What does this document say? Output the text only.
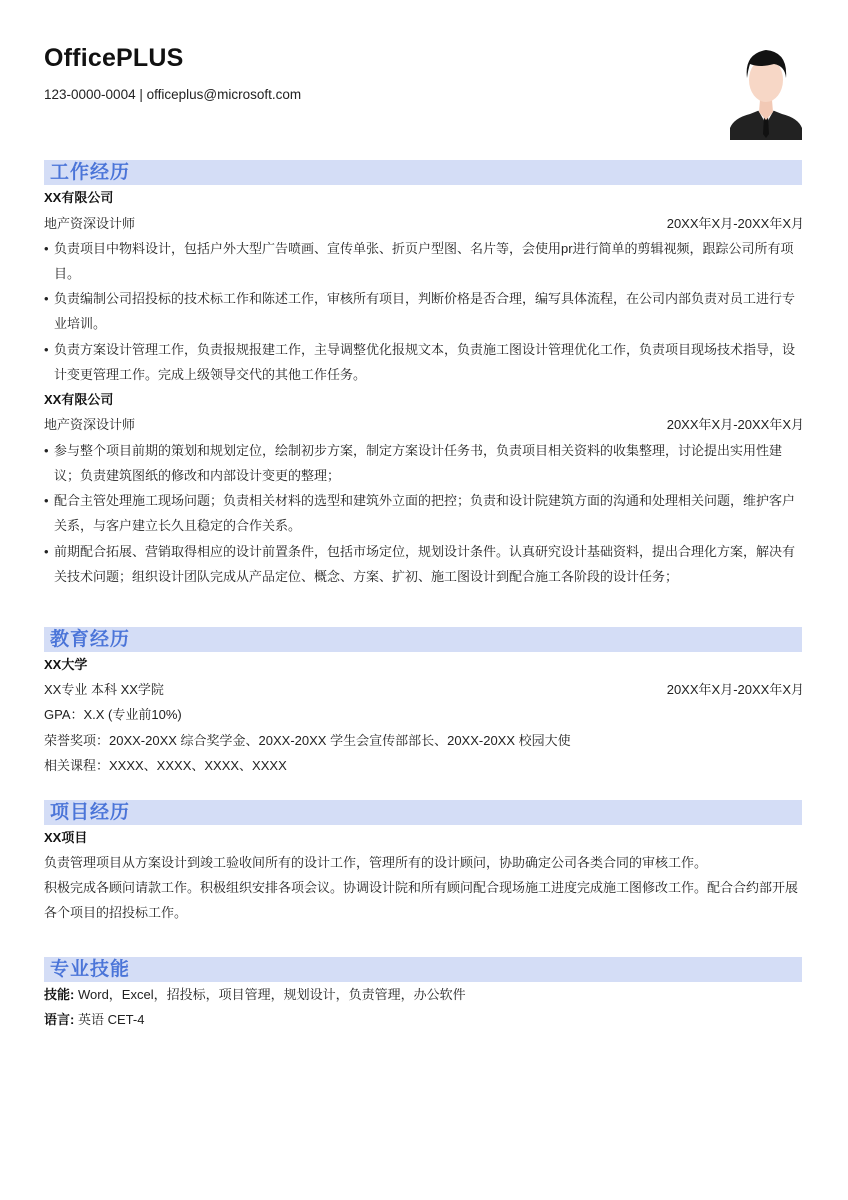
OfficePLUS
123-0000-0004 | officeplus@microsoft.com
工作经历
XX有限公司
地产资深设计师	20XX年X月-20XX年X月
• 负责项目中物料设计，包括户外大型广告喷画、宣传单张、折页户型图、名片等，会使用pr进行简单的剪辑视频，跟踪公司所有项目。
• 负责编制公司招投标的技术标工作和陈述工作，审核所有项目，判断价格是否合理，编写具体流程，在公司内部负责对员工进行专业培训。
• 负责方案设计管理工作，负责报规报建工作，主导调整优化报规文本，负责施工图设计管理优化工作，负责项目现场技术指导，设计变更管理工作。完成上级领导交代的其他工作任务。
XX有限公司
地产资深设计师	20XX年X月-20XX年X月
• 参与整个项目前期的策划和规划定位，绘制初步方案，制定方案设计任务书，负责项目相关资料的收集整理，讨论提出实用性建议；负责建筑图纸的修改和内部设计变更的整理；
• 配合主管处理施工现场问题；负责相关材料的选型和建筑外立面的把控；负责和设计院建筑方面的沟通和处理相关问题，维护客户关系，与客户建立长久且稳定的合作关系。
• 前期配合拓展、营销取得相应的设计前置条件，包括市场定位，规划设计条件。认真研究设计基础资料，提出合理化方案，解决有关技术问题；组织设计团队完成从产品定位、概念、方案、扩初、施工图设计到配合施工各阶段的设计任务；
教育经历
XX大学
XX专业 本科 XX学院	20XX年X月-20XX年X月
GPA：X.X (专业前10%)
荣誉奖项：20XX-20XX 综合奖学金、20XX-20XX 学生会宣传部部长、20XX-20XX 校园大使
相关课程：XXXX、XXXX、XXXX、XXXX
项目经历
XX项目
负责管理项目从方案设计到竣工验收间所有的设计工作，管理所有的设计顾问，协助确定公司各类合同的审核工作。
积极完成各顾问请款工作。积极组织安排各项会议。协调设计院和所有顾问配合现场施工进度完成施工图修改工作。配合合约部开展各个项目的招投标工作。
专业技能
技能: Word，Excel，招投标，项目管理，规划设计，负责管理，办公软件
语言: 英语 CET-4
